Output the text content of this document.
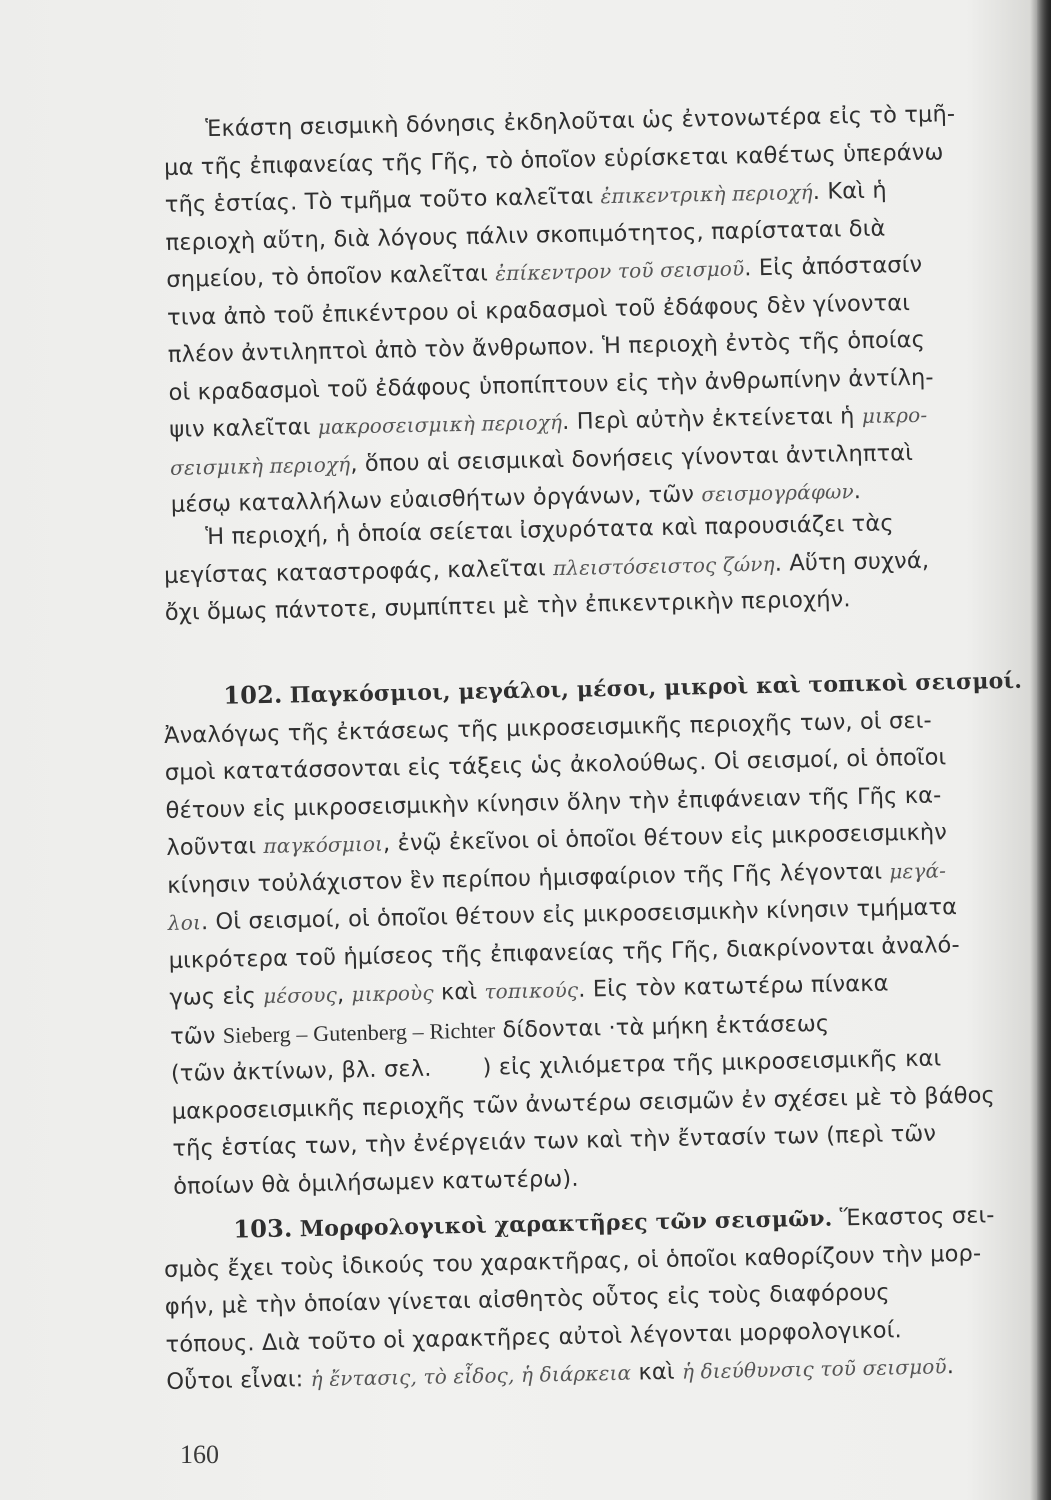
Ἑκάστη σεισμικὴ δόνησις ἐκδηλοῦται ὡς ἐντονωτέρα εἰς τὸ τμῆ-
μα τῆς ἐπιφανείας τῆς Γῆς, τὸ ὁποῖον εὑρίσκεται καθέτως ὑπεράνω
τῆς ἑστίας. Τὸ τμῆμα τοῦτο καλεῖται ἐπικεντρικὴ περιοχή. Καὶ ἡ
περιοχὴ αὕτη, διὰ λόγους πάλιν σκοπιμότητος, παρίσταται διὰ
σημείου, τὸ ὁποῖον καλεῖται ἐπίκεντρον τοῦ σεισμοῦ. Εἰς ἀπόστασίν
τινα ἀπὸ τοῦ ἐπικέντρου οἱ κραδασμοὶ τοῦ ἐδάφους δὲν γίνονται
πλέον ἀντιληπτοὶ ἀπὸ τὸν ἄνθρωπον. Ἡ περιοχὴ ἐντὸς τῆς ὁποίας
οἱ κραδασμοὶ τοῦ ἐδάφους ὑποπίπτουν εἰς τὴν ἀνθρωπίνην ἀντίλη-
ψιν καλεῖται μακροσεισμικὴ περιοχή. Περὶ αὐτὴν ἐκτείνεται ἡ μικρο-
σεισμικὴ περιοχή, ὅπου αἱ σεισμικαὶ δονήσεις γίνονται ἀντιληπταὶ
μέσῳ καταλλήλων εὐαισθήτων ὀργάνων, τῶν σεισμογράφων.
Ἡ περιοχή, ἡ ὁποία σείεται ἰσχυρότατα καὶ παρουσιάζει τὰς
μεγίστας καταστροφάς, καλεῖται πλειστόσειστος ζώνη. Αὕτη συχνά,
ὄχι ὅμως πάντοτε, συμπίπτει μὲ τὴν ἐπικεντρικὴν περιοχήν.
102. Παγκόσμιοι, μεγάλοι, μέσοι, μικροὶ καὶ τοπικοὶ σεισμοί.
Ἀναλόγως τῆς ἐκτάσεως τῆς μικροσεισμικῆς περιοχῆς των, οἱ σει-
σμοὶ κατατάσσονται εἰς τάξεις ὡς ἀκολούθως. Οἱ σεισμοί, οἱ ὁποῖοι
θέτουν εἰς μικροσεισμικὴν κίνησιν ὅλην τὴν ἐπιφάνειαν τῆς Γῆς κα-
λοῦνται παγκόσμιοι, ἐνῷ ἐκεῖνοι οἱ ὁποῖοι θέτουν εἰς μικροσεισμικὴν
κίνησιν τοὐλάχιστον ἓν περίπου ἡμισφαίριον τῆς Γῆς λέγονται μεγά-
λοι. Οἱ σεισμοί, οἱ ὁποῖοι θέτουν εἰς μικροσεισμικὴν κίνησιν τμήματα
μικρότερα τοῦ ἡμίσεος τῆς ἐπιφανείας τῆς Γῆς, διακρίνονται ἀναλό-
γως εἰς μέσους, μικροὺς καὶ τοπικούς. Εἰς τὸν κατωτέρω πίνακα
τῶν Sieberg – Gutenberg – Richter δίδονται ·τὰ μήκη ἐκτάσεως
(τῶν ἀκτίνων, βλ. σελ.       ) εἰς χιλιόμετρα τῆς μικροσεισμικῆς και
μακροσεισμικῆς περιοχῆς τῶν ἀνωτέρω σεισμῶν ἐν σχέσει μὲ τὸ βάθος
τῆς ἑστίας των, τὴν ἐνέργειάν των καὶ τὴν ἔντασίν των (περὶ τῶν
ὁποίων θὰ ὁμιλήσωμεν κατωτέρω).
103. Μορφολογικοὶ χαρακτῆρες τῶν σεισμῶν. Ἕκαστος σει-
σμὸς ἔχει τοὺς ἰδικούς του χαρακτῆρας, οἱ ὁποῖοι καθορίζουν τὴν μορ-
φήν, μὲ τὴν ὁποίαν γίνεται αἰσθητὸς οὗτος εἰς τοὺς διαφόρους
τόπους. Διὰ τοῦτο οἱ χαρακτῆρες αὐτοὶ λέγονται μορφολογικοί.
Οὗτοι εἶναι: ἡ ἔντασις, τὸ εἶδος, ἡ διάρκεια καὶ ἡ διεύθυνσις τοῦ σεισμοῦ.
160
